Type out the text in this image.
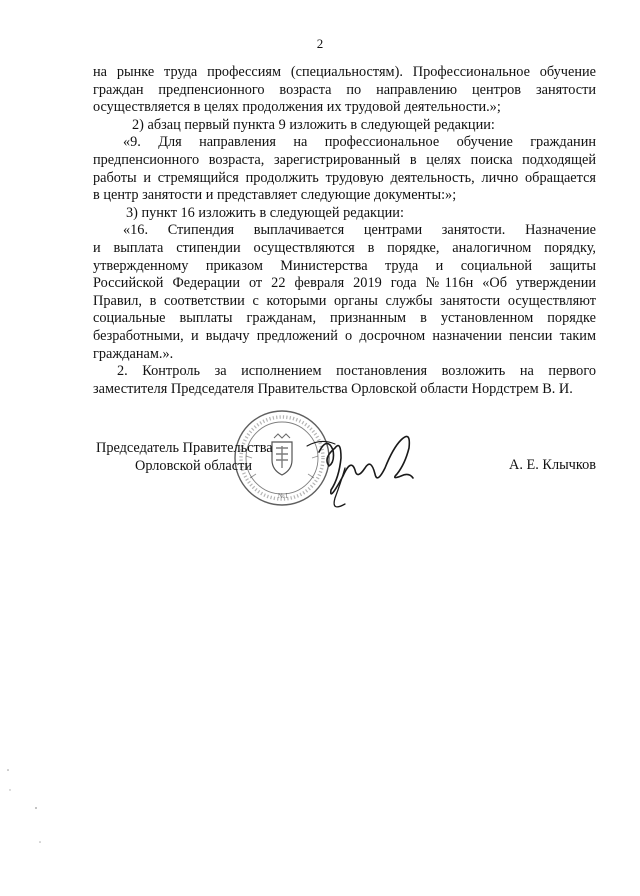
2
на рынке труда профессиям (специальностям). Профессиональное обучение
граждан предпенсионного возраста по направлению центров занятости
осуществляется в целях продолжения их трудовой деятельности.»;
2) абзац первый пункта 9 изложить в следующей редакции:
«9. Для направления на профессиональное обучение гражданин
предпенсионного возраста, зарегистрированный в целях поиска подходящей
работы и стремящийся продолжить трудовую деятельность, лично обращается
в центр занятости и представляет следующие документы:»;
3) пункт 16 изложить в следующей редакции:
«16. Стипендия выплачивается центрами занятости. Назначение
и выплата стипендии осуществляются в порядке, аналогичном порядку,
утвержденному приказом Министерства труда и социальной защиты
Российской Федерации от 22 февраля 2019 года №116н «Об утверждении
Правил, в соответствии с которыми органы службы занятости осуществляют
социальные выплаты гражданам, признанным в установленном порядке
безработными, и выдачу предложений о досрочном назначении пенсии таким
гражданам.».
2. Контроль за исполнением постановления возложить на первого
заместителя Председателя Правительства Орловской области Нордстрем В. И.
№1
Председатель Правительства
Орловской области	А. Е. Клычков
